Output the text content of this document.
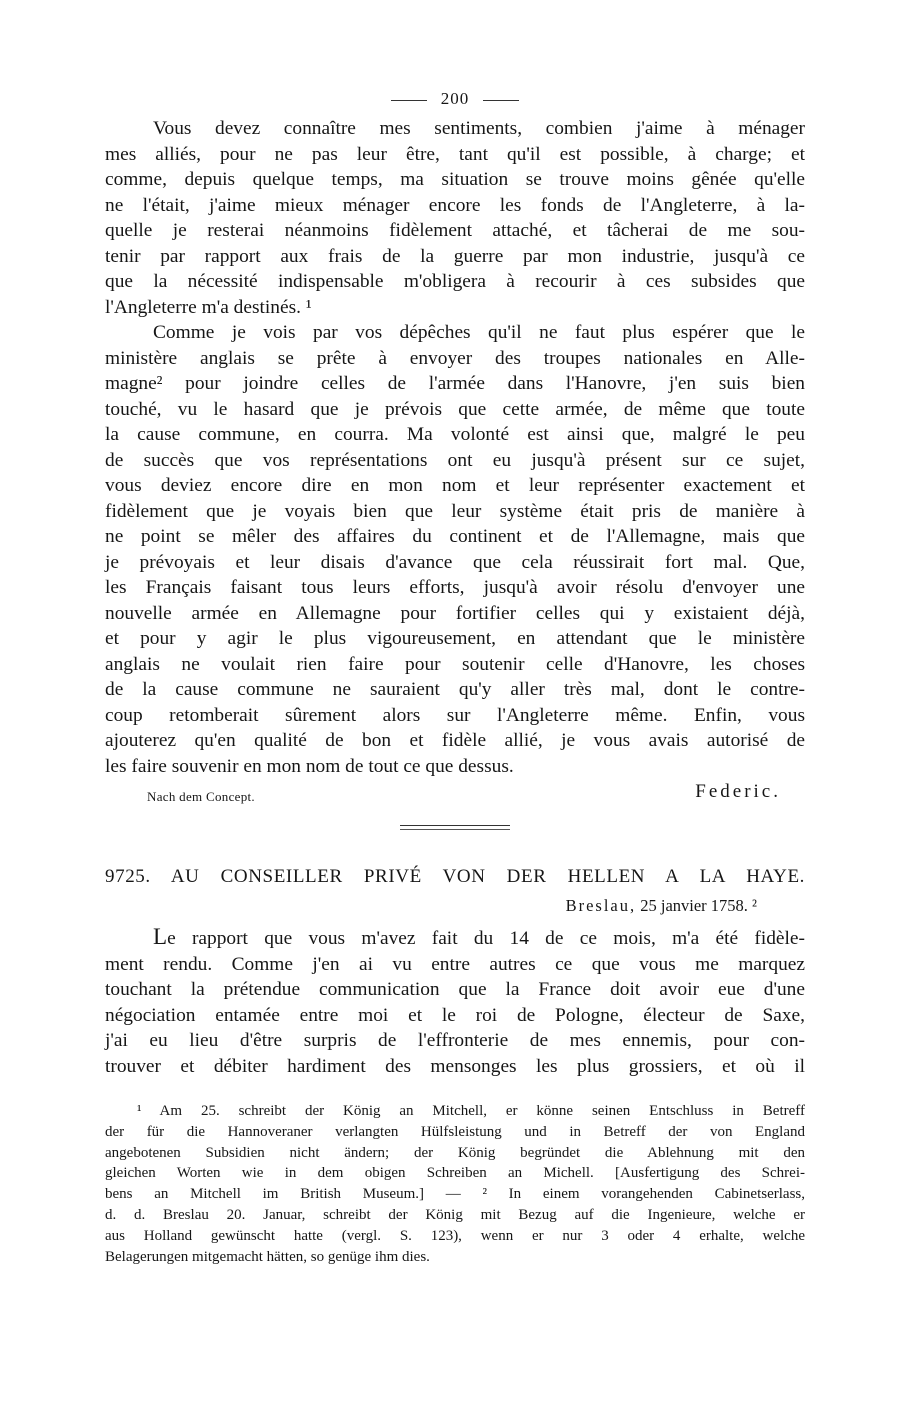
200
Vous devez connaître mes sentiments, combien j'aime à ménager
mes alliés, pour ne pas leur être, tant qu'il est possible, à charge; et
comme, depuis quelque temps, ma situation se trouve moins gênée qu'elle
ne l'était, j'aime mieux ménager encore les fonds de l'Angleterre, à la-
quelle je resterai néanmoins fidèlement attaché, et tâcherai de me sou-
tenir par rapport aux frais de la guerre par mon industrie, jusqu'à ce
que la nécessité indispensable m'obligera à recourir à ces subsides que
l'Angleterre m'a destinés. ¹
Comme je vois par vos dépêches qu'il ne faut plus espérer que le
ministère anglais se prête à envoyer des troupes nationales en Alle-
magne² pour joindre celles de l'armée dans l'Hanovre, j'en suis bien
touché, vu le hasard que je prévois que cette armée, de même que toute
la cause commune, en courra. Ma volonté est ainsi que, malgré le peu
de succès que vos représentations ont eu jusqu'à présent sur ce sujet,
vous deviez encore dire en mon nom et leur représenter exactement et
fidèlement que je voyais bien que leur système était pris de manière à
ne point se mêler des affaires du continent et de l'Allemagne, mais que
je prévoyais et leur disais d'avance que cela réussirait fort mal. Que,
les Français faisant tous leurs efforts, jusqu'à avoir résolu d'envoyer une
nouvelle armée en Allemagne pour fortifier celles qui y existaient déjà,
et pour y agir le plus vigoureusement, en attendant que le ministère
anglais ne voulait rien faire pour soutenir celle d'Hanovre, les choses
de la cause commune ne sauraient qu'y aller très mal, dont le contre-
coup retomberait sûrement alors sur l'Angleterre même. Enfin, vous
ajouterez qu'en qualité de bon et fidèle allié, je vous avais autorisé de
les faire souvenir en mon nom de tout ce que dessus.
Nach dem Concept.	Federic.
9725. AU CONSEILLER PRIVÉ VON DER HELLEN A LA HAYE.
Breslau, 25 janvier 1758. ²
Le rapport que vous m'avez fait du 14 de ce mois, m'a été fidèle-
ment rendu. Comme j'en ai vu entre autres ce que vous me marquez
touchant la prétendue communication que la France doit avoir eue d'une
négociation entamée entre moi et le roi de Pologne, électeur de Saxe,
j'ai eu lieu d'être surpris de l'effronterie de mes ennemis, pour con-
trouver et débiter hardiment des mensonges les plus grossiers, et où il
¹ Am 25. schreibt der König an Mitchell, er könne seinen Entschluss in Betreff
der für die Hannoveraner verlangten Hülfsleistung und in Betreff der von England
angebotenen Subsidien nicht ändern; der König begründet die Ablehnung mit den
gleichen Worten wie in dem obigen Schreiben an Michell. [Ausfertigung des Schrei-
bens an Mitchell im British Museum.] — ² In einem vorangehenden Cabinetserlass,
d. d. Breslau 20. Januar, schreibt der König mit Bezug auf die Ingenieure, welche er
aus Holland gewünscht hatte (vergl. S. 123), wenn er nur 3 oder 4 erhalte, welche
Belagerungen mitgemacht hätten, so genüge ihm dies.
